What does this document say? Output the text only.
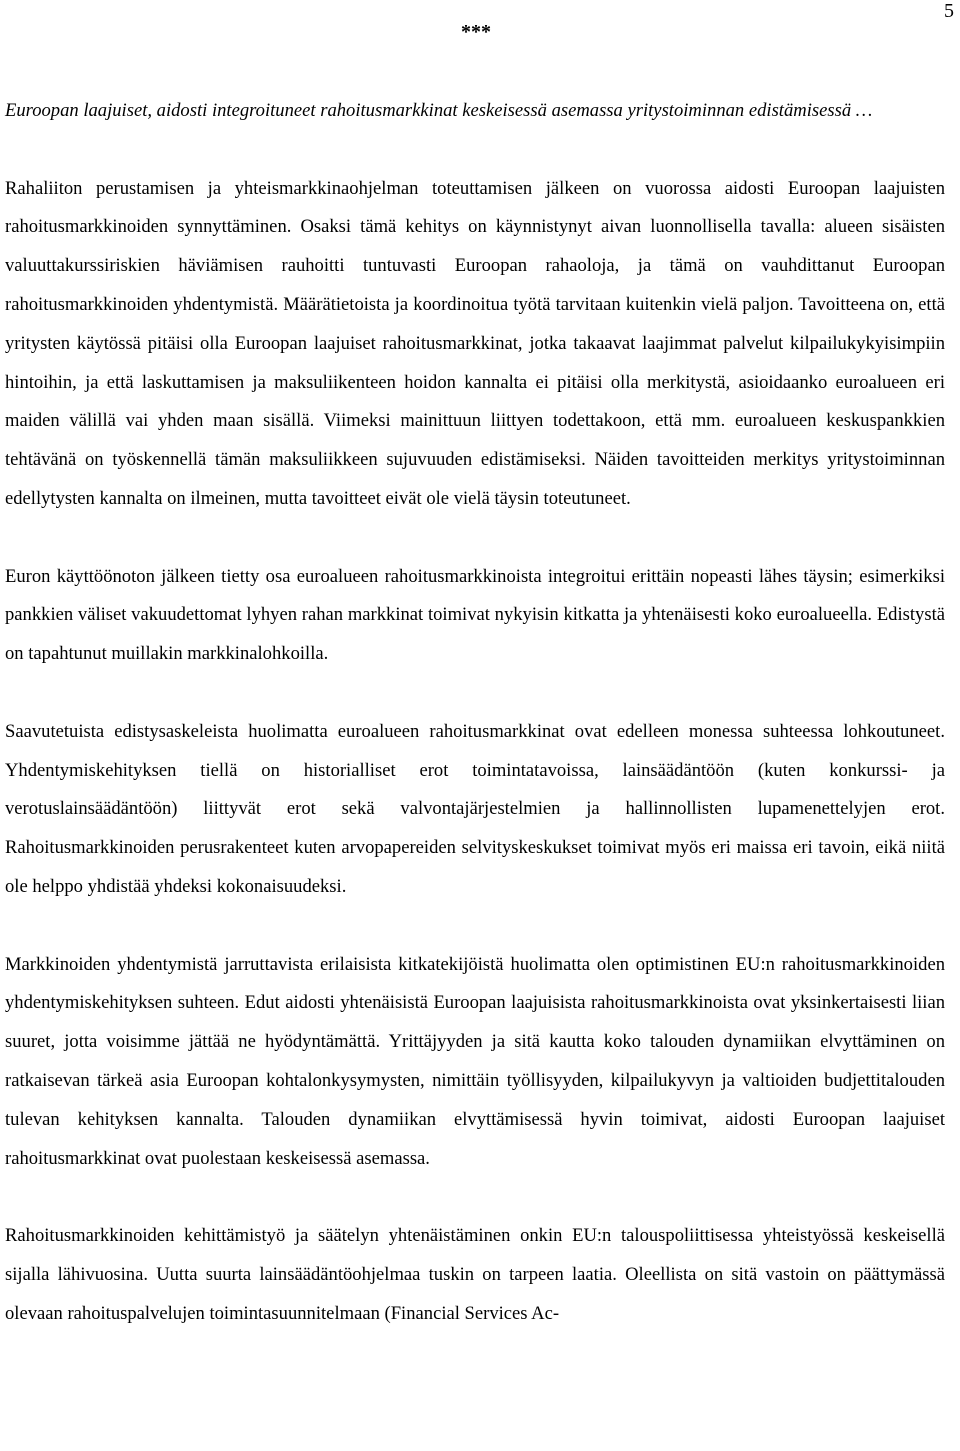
5
***

Euroopan laajuiset, aidosti integroituneet rahoitusmarkkinat keskeisessä asemassa yritystoiminnan edistämisessä …

Rahaliiton perustamisen ja yhteismarkkinaohjelman toteuttamisen jälkeen on vuorossa aidosti Euroopan laajuisten rahoitusmarkkinoiden synnyttäminen. Osaksi tämä kehitys on käynnistynyt aivan luonnollisella tavalla: alueen sisäisten valuuttakurssiriskien häviämisen rauhoitti tuntuvasti Euroopan rahaoloja, ja tämä on vauhdittanut Euroopan rahoitusmarkkinoiden yhdentymistä. Määrätietoista ja koordinoitua työtä tarvitaan kuitenkin vielä paljon. Tavoitteena on, että yritysten käytössä pitäisi olla Euroopan laajuiset rahoitusmarkkinat, jotka takaavat laajimmat palvelut kilpailukykyisimpiin hintoihin, ja että laskuttamisen ja maksuliikenteen hoidon kannalta ei pitäisi olla merkitystä, asioidaanko euroalueen eri maiden välillä vai yhden maan sisällä. Viimeksi mainittuun liittyen todettakoon, että mm. euroalueen keskuspankkien tehtävänä on työskennellä tämän maksuliikkeen sujuvuuden edistämiseksi. Näiden tavoitteiden merkitys yritystoiminnan edellytysten kannalta on ilmeinen, mutta tavoitteet eivät ole vielä täysin toteutuneet.

Euron käyttöönoton jälkeen tietty osa euroalueen rahoitusmarkkinoista integroitui erittäin nopeasti lähes täysin; esimerkiksi pankkien väliset vakuudettomat lyhyen rahan markkinat toimivat nykyisin kitkatta ja yhtenäisesti koko euroalueella. Edistystä on tapahtunut muillakin markkinalohkoilla.

Saavutetuista edistysaskeleista huolimatta euroalueen rahoitusmarkkinat ovat edelleen monessa suhteessa lohkoutuneet. Yhdentymiskehityksen tiellä on historialliset erot toimintatavoissa, lainsäädäntöön (kuten konkurssi- ja verotuslainsäädäntöön) liittyvät erot sekä valvontajärjestelmien ja hallinnollisten lupamenettelyjen erot. Rahoitusmarkkinoiden perusrakenteet kuten arvopapereiden selvityskeskukset toimivat myös eri maissa eri tavoin, eikä niitä ole helppo yhdistää yhdeksi kokonaisuudeksi.

Markkinoiden yhdentymistä jarruttavista erilaisista kitkatekijöistä huolimatta olen optimistinen EU:n rahoitusmarkkinoiden yhdentymiskehityksen suhteen. Edut aidosti yhtenäisistä Euroopan laajuisista rahoitusmarkkinoista ovat yksinkertaisesti liian suuret, jotta voisimme jättää ne hyödyntämättä. Yrittäjyyden ja sitä kautta koko talouden dynamiikan elvyttäminen on ratkaisevan tärkeä asia Euroopan kohtalonkysymysten, nimittäin työllisyyden, kilpailukyvyn ja valtioiden budjettitalouden tulevan kehityksen kannalta. Talouden dynamiikan elvyttämisessä hyvin toimivat, aidosti Euroopan laajuiset rahoitusmarkkinat ovat puolestaan keskeisessä asemassa.

Rahoitusmarkkinoiden kehittämistyö ja säätelyn yhtenäistäminen onkin EU:n talouspoliittisessa yhteistyössä keskeisellä sijalla lähivuosina. Uutta suurta lainsäädäntöohjelmaa tuskin on tarpeen laatia. Oleellista on sitä vastoin on päättymässä olevaan rahoituspalvelujen toimintasuunnitelmaan (Financial Services Ac-
